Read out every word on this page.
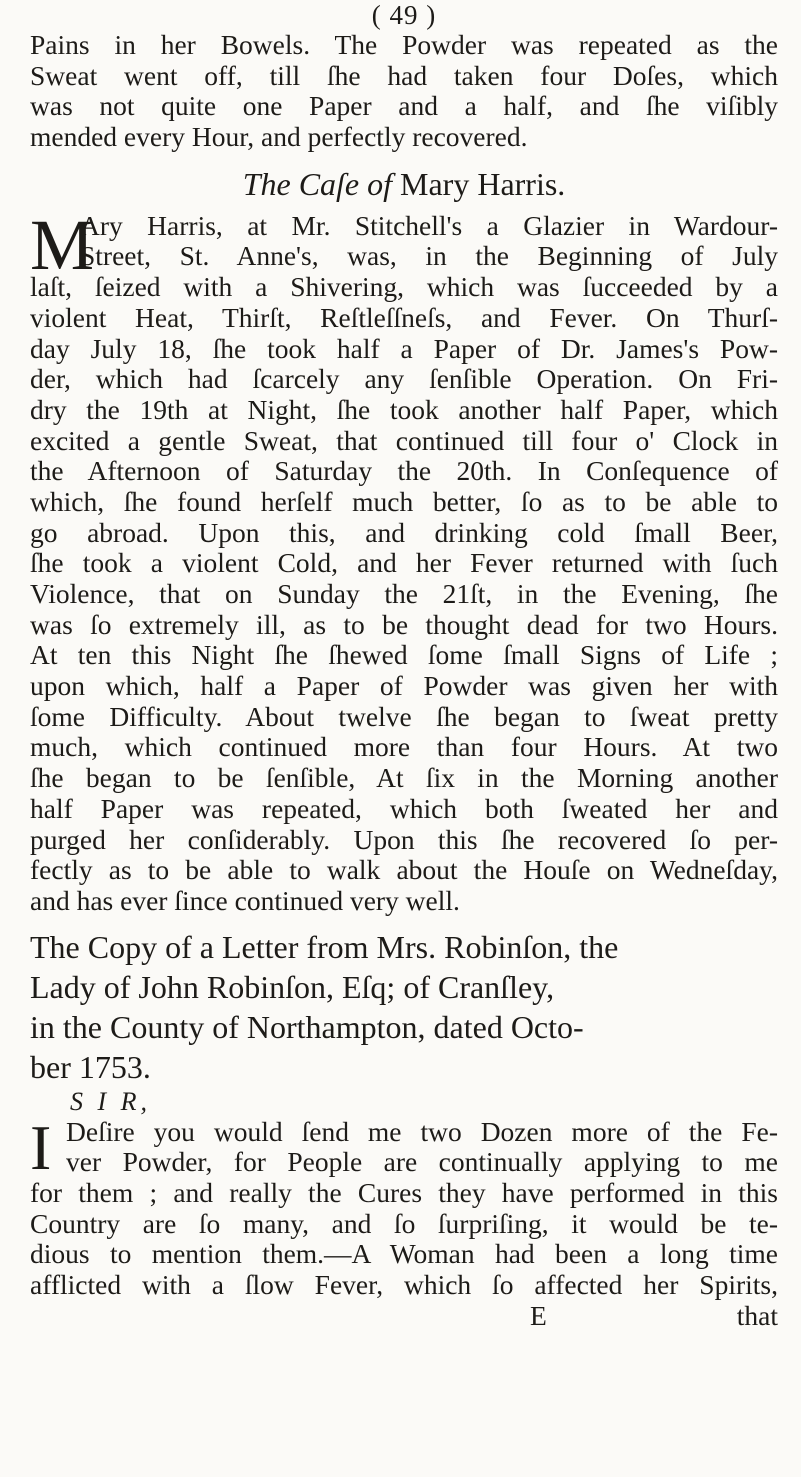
( 49 )
Pains in her Bowels. The Powder was repeated as the
Sweat went off, till ſhe had taken four Doſes, which
was not quite one Paper and a half, and ſhe viſibly
mended every Hour, and perfectly recovered.
The Caſe of Mary Harris.
M
Ary Harris, at Mr. Stitchell's a Glazier in Wardour-
Street, St. Anne's, was, in the Beginning of July
laſt, ſeized with a Shivering, which was ſucceeded by a
violent Heat, Thirſt, Reſtleſſneſs, and Fever. On Thurſ-
day July 18, ſhe took half a Paper of Dr. James's Pow-
der, which had ſcarcely any ſenſible Operation. On Fri-
dry the 19th at Night, ſhe took another half Paper, which
excited a gentle Sweat, that continued till four o' Clock in
the Afternoon of Saturday the 20th. In Conſequence of
which, ſhe found herſelf much better, ſo as to be able to
go abroad. Upon this, and drinking cold ſmall Beer,
ſhe took a violent Cold, and her Fever returned with ſuch
Violence, that on Sunday the 21ſt, in the Evening, ſhe
was ſo extremely ill, as to be thought dead for two Hours.
At ten this Night ſhe ſhewed ſome ſmall Signs of Life ;
upon which, half a Paper of Powder was given her with
ſome Difficulty. About twelve ſhe began to ſweat pretty
much, which continued more than four Hours. At two
ſhe began to be ſenſible, At ſix in the Morning another
half Paper was repeated, which both ſweated her and
purged her conſiderably. Upon this ſhe recovered ſo per-
fectly as to be able to walk about the Houſe on Wedneſday,
and has ever ſince continued very well.
The Copy of a Letter from Mrs. Robinſon, the
Lady of John Robinſon, Eſq; of Cranſley,
in the County of Northampton, dated Octo-
ber 1753.
S I R,
I Deſire you would ſend me two Dozen more of the Fe-
ver Powder, for People are continually applying to me
for them ; and really the Cures they have performed in this
Country are ſo many, and ſo ſurpriſing, it would be te-
dious to mention them.—A Woman had been a long time
afflicted with a ſlow Fever, which ſo affected her Spirits,
E	that
